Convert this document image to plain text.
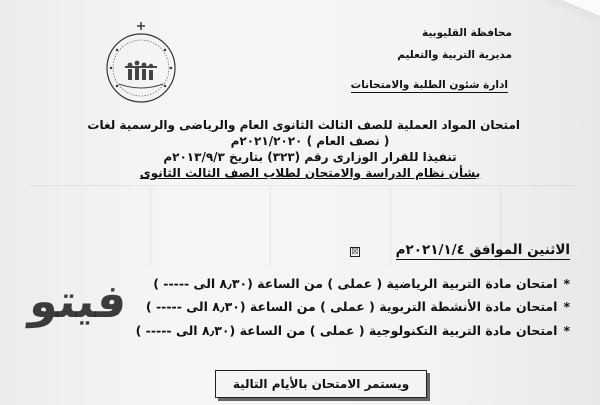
محافظة القليوبية
مديرية التربية والتعليم
ادارة شئون الطلبة والامتحانات
امتحان المواد العملية للصف الثالث الثانوى العام والرياضى والرسمية لغات
( نصف العام ) ٢٠٢١/٢٠٢٠م
تنفيذا للقرار الوزارى رقم (٣٢٣) بتاريخ ٢٠١٣/٩/٣م
بشأن نظام الدراسة والامتحان لطلاب الصف الثالث الثانوى
الاثنين الموافق ٢٠٢١/١/٤م
☒
*امتحان مادة التربية الرياضية ( عملى ) من الساعة (٨٫٣٠ الى ----- )
*امتحان مادة الأنشطة التربوية ( عملى ) من الساعة (٨٫٣٠ الى ----- )
*امتحان مادة التربية التكنولوجية ( عملى ) من الساعة (٨٫٣٠ الى ----- )
فيتو
ويستمر الامتحان بالأيام التالية
